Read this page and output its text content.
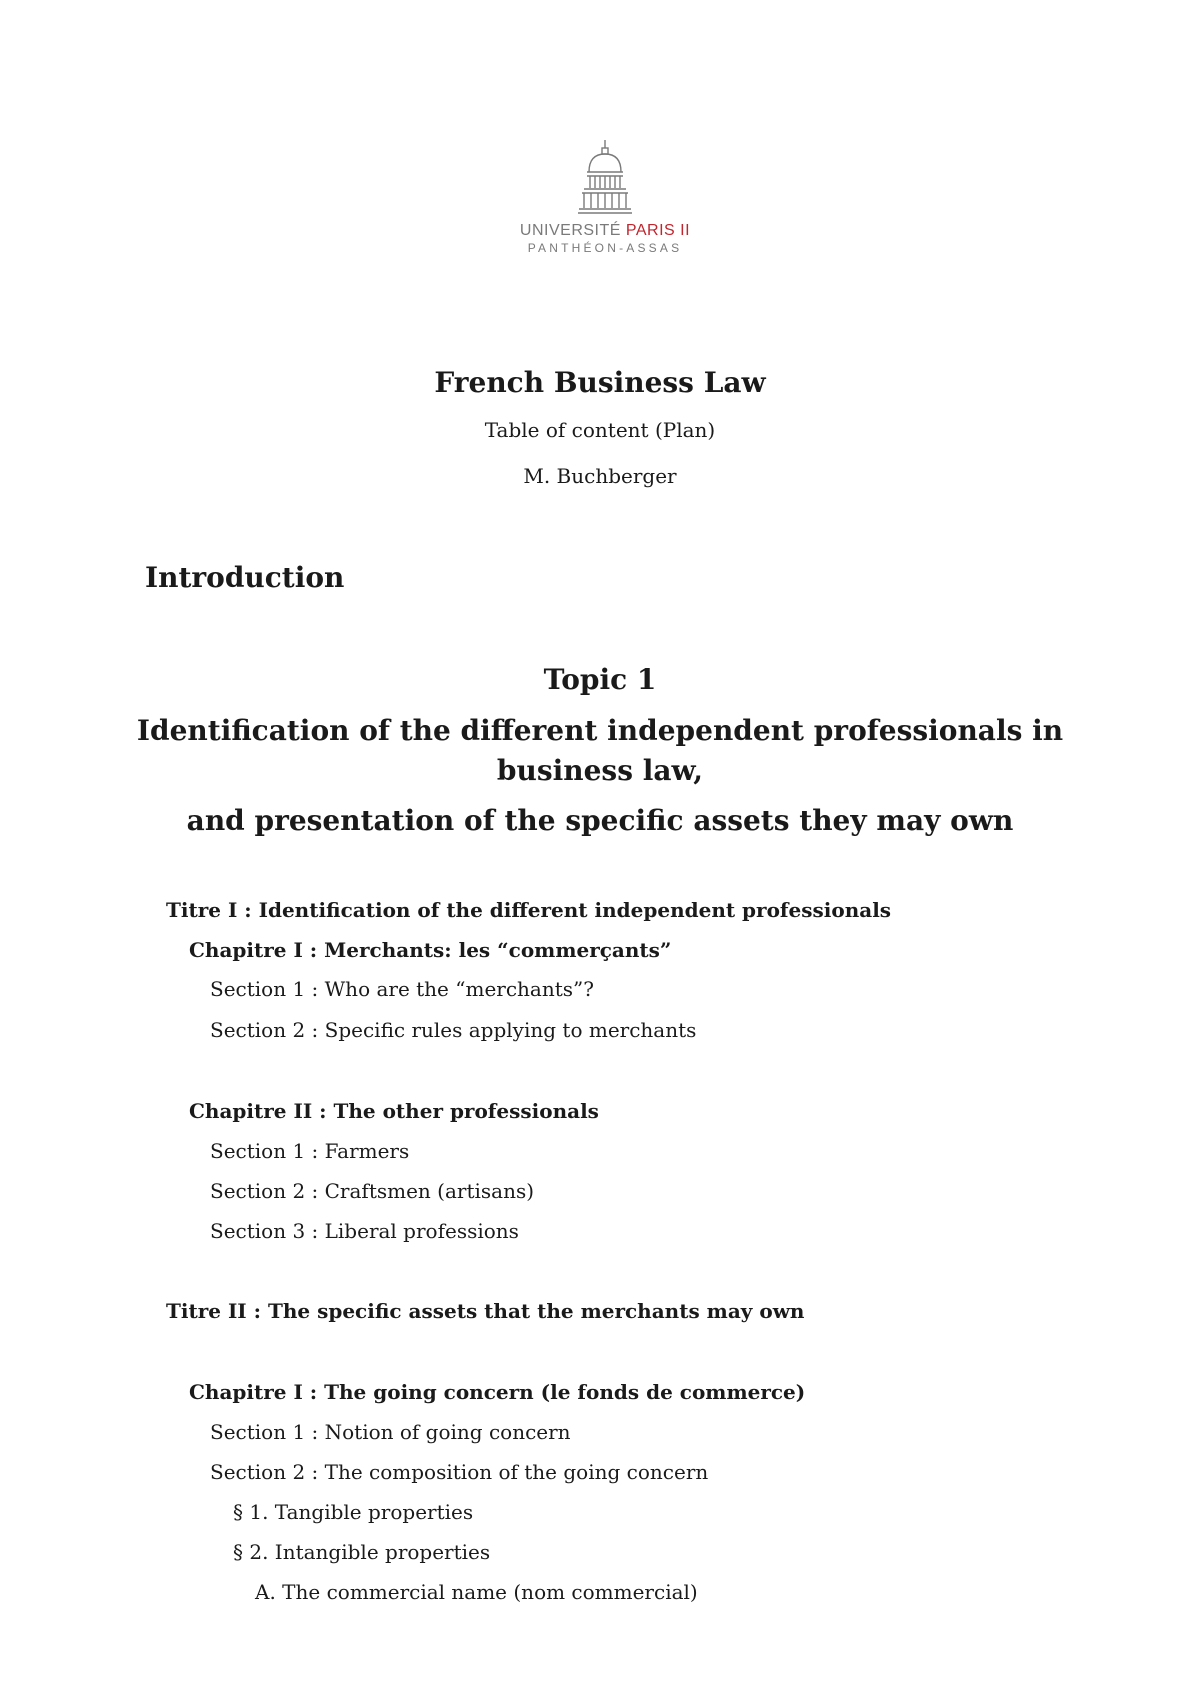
UNIVERSITÉ PARIS II
PANTHÉON-ASSAS
French Business Law
Table of content (Plan)
M. Buchberger
Introduction
Topic 1
Identification of the different independent professionals in
business law,
and presentation of the specific assets they may own
Titre I : Identification of the different independent professionals
Chapitre I : Merchants: les “commerçants”
Section 1 : Who are the “merchants”?
Section 2 : Specific rules applying to merchants
Chapitre II : The other professionals
Section 1 : Farmers
Section 2 : Craftsmen (artisans)
Section 3 : Liberal professions
Titre II : The specific assets that the merchants may own
Chapitre I : The going concern (le fonds de commerce)
Section 1 : Notion of going concern
Section 2 : The composition of the going concern
§ 1. Tangible properties
§ 2. Intangible properties
A. The commercial name (nom commercial)
